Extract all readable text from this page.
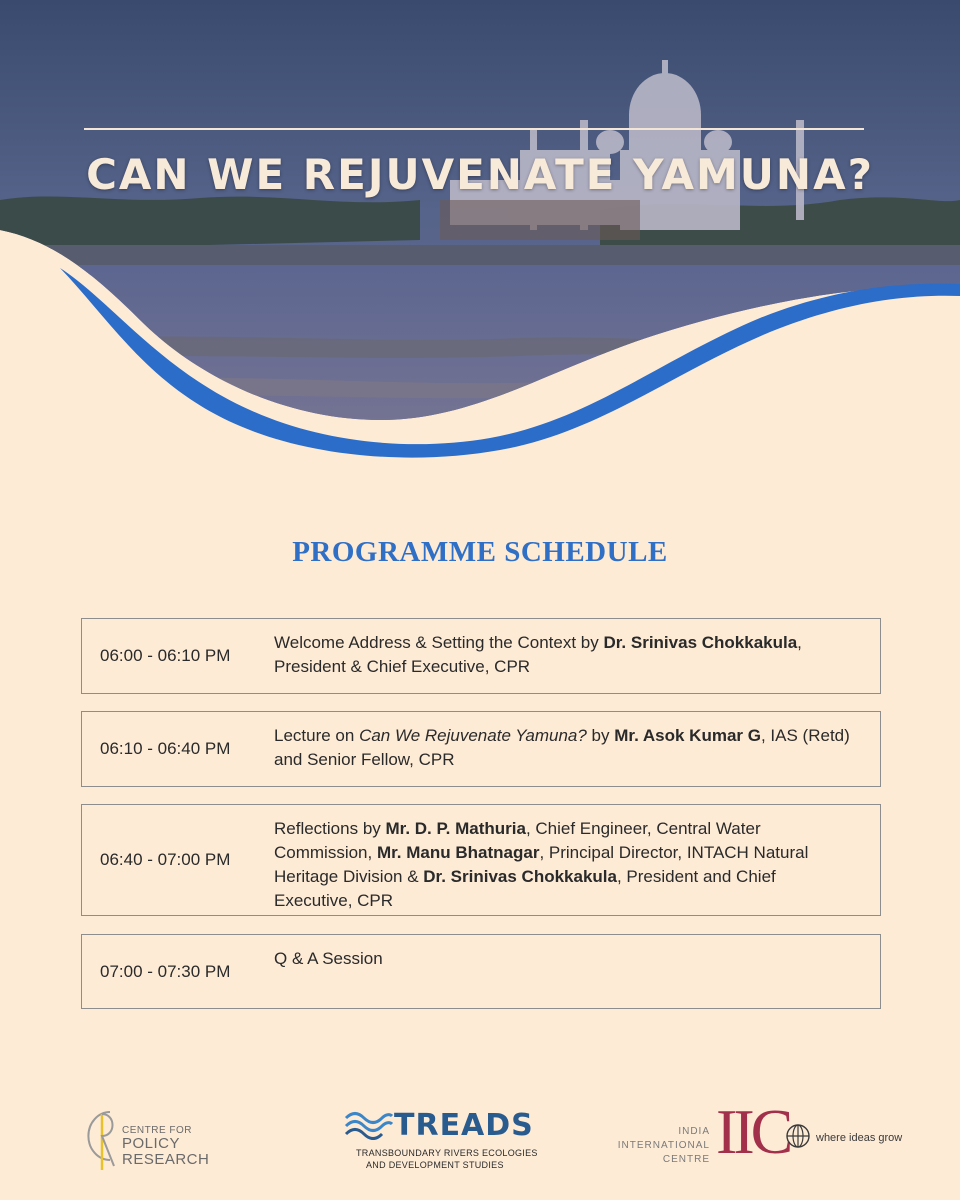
CAN WE REJUVENATE YAMUNA?
PROGRAMME SCHEDULE
06:00 - 06:10 PM
Welcome Address & Setting the Context by Dr. Srinivas Chokkakula, President & Chief Executive, CPR
06:10 - 06:40 PM
Lecture on Can We Rejuvenate Yamuna? by Mr. Asok Kumar G, IAS (Retd) and Senior Fellow, CPR
06:40 - 07:00 PM
Reflections by Mr. D. P. Mathuria, Chief Engineer, Central Water Commission, Mr. Manu Bhatnagar, Principal Director, INTACH Natural Heritage Division & Dr. Srinivas Chokkakula, President and Chief Executive, CPR
07:00 - 07:30 PM
Q & A Session
CENTRE FOR
POLICY
RESEARCH
TREADS
TRANSBOUNDARY RIVERS ECOLOGIES
AND DEVELOPMENT STUDIES
INDIA
INTERNATIONAL
CENTRE IIC where ideas grow
